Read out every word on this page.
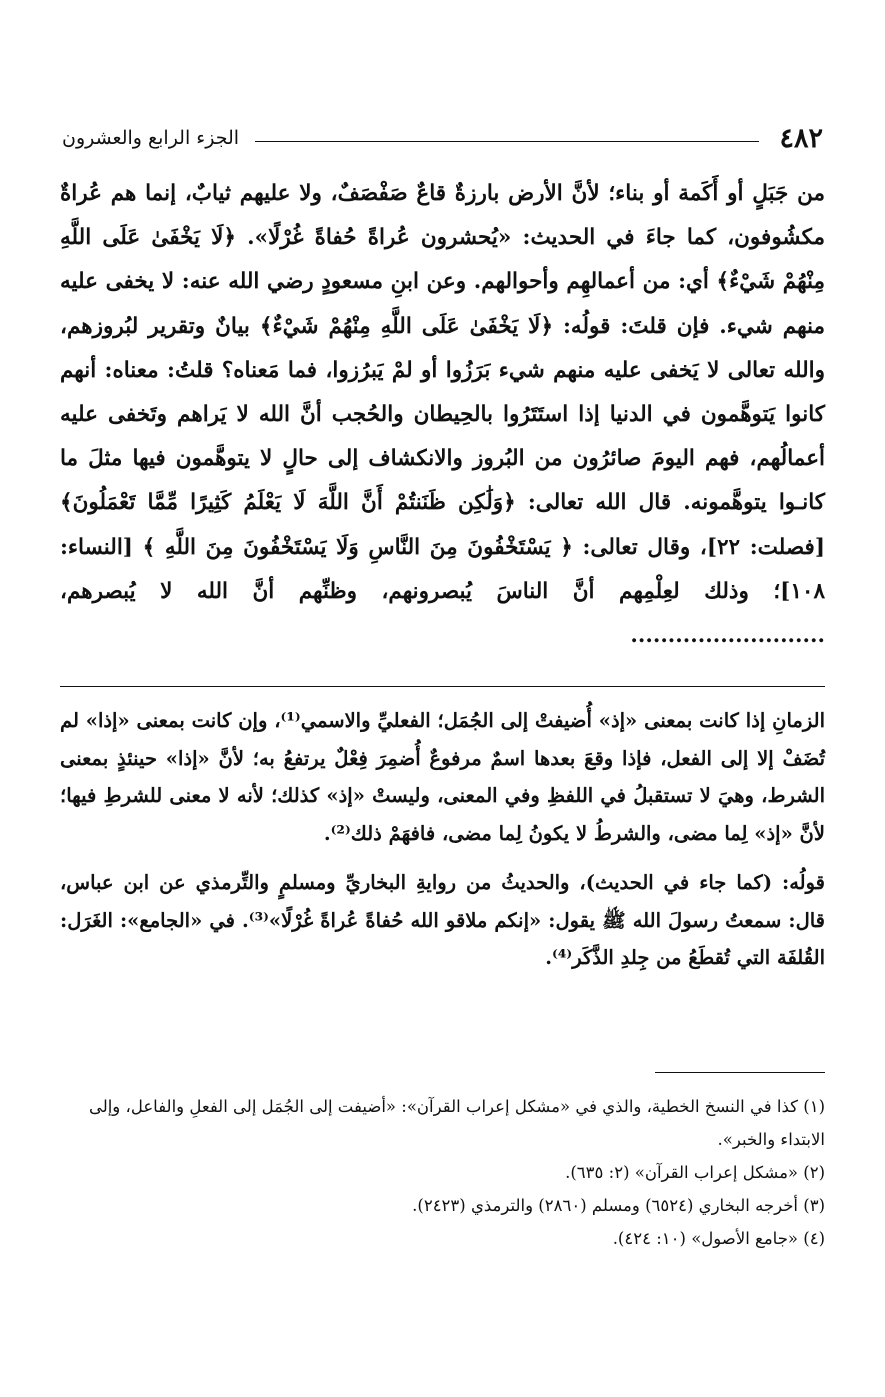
٤٨٢
الجزء الرابع والعشرون

من جَبَلٍ أو أَكَمة أو بناء؛ لأنَّ الأرض بارزةٌ قاعٌ صَفْصَفٌ، ولا عليهم ثيابٌ، إنما هم عُراةٌ مكشُوفون، كما جاءَ في الحديث: «يُحشرون عُراةً حُفاةً غُرْلًا». ﴿لَا يَخْفَىٰ عَلَى اللَّهِ مِنْهُمْ شَيْءٌ﴾ أي: من أعمالهِم وأحوالهم. وعن ابنِ مسعودٍ رضي الله عنه: لا يخفى عليه منهم شيء. فإن قلتَ: قولُه: ﴿لَا يَخْفَىٰ عَلَى اللَّهِ مِنْهُمْ شَيْءٌ﴾ بيانٌ وتقرير لبُروزهم، والله تعالى لا يَخفى عليه منهم شيء بَرَزُوا أو لمْ يَبرُزوا، فما مَعناه؟ قلتُ: معناه: أنهم كانوا يَتوهَّمون في الدنيا إذا استَتَرُوا بالحِيطان والحُجب أنَّ الله لا يَراهم وتَخفى عليه أعمالُهم، فهم اليومَ صائرُون من البُروز والانكشاف إلى حالٍ لا يتوهَّمون فيها مثلَ ما كانـوا يتوهَّمونه. قال الله تعالى: ﴿وَلَٰكِن ظَنَنتُمْ أَنَّ اللَّهَ لَا يَعْلَمُ كَثِيرًا مِّمَّا تَعْمَلُونَ﴾ [فصلت: ٢٢]، وقال تعالى: ﴿ يَسْتَخْفُونَ مِنَ النَّاسِ وَلَا يَسْتَخْفُونَ مِنَ اللَّهِ ﴾ [النساء: ١٠٨]؛ وذلك لعِلْمِهم أنَّ الناسَ يُبصرونهم، وظنِّهم أنَّ الله لا يُبصرهم، ..........................

الزمانِ إذا كانت بمعنى «إذ» أُضيفتْ إلى الجُمَل؛ الفعليِّ والاسمي⁽¹⁾، وإن كانت بمعنى «إذا» لم تُضَفْ إلا إلى الفعل، فإذا وقعَ بعدها اسمٌ مرفوعٌ أُضمِرَ فِعْلٌ يرتفعُ به؛ لأنَّ «إذا» حينئذٍ بمعنى الشرط، وهيَ لا تستقبلُ في اللفظِ وفي المعنى، وليستْ «إذ» كذلك؛ لأنه لا معنى للشرطِ فيها؛ لأنَّ «إذ» لِما مضى، والشرطُ لا يكونُ لِما مضى، فافهَمْ ذلك⁽²⁾.

قولُه: (كما جاء في الحديث)، والحديثُ من روايةِ البخاريِّ ومسلمٍ والتِّرمذي عن ابن عباس، قال: سمعتُ رسولَ الله ﷺ يقول: «إنكم ملاقو الله حُفاةً عُراةً غُرْلًا»⁽³⁾. في «الجامع»: الغَرَل: القُلفَة التي تُقطَعُ من جِلدِ الذَّكَر⁽⁴⁾.

(١) كذا في النسخ الخطية، والذي في «مشكل إعراب القرآن»: «أضيفت إلى الجُمَل إلى الفعلِ والفاعل، وإلى الابتداء والخبر».

(٢) «مشكل إعراب القرآن» (٢: ٦٣٥).

(٣) أخرجه البخاري (٦٥٢٤) ومسلم (٢٨٦٠) والترمذي (٢٤٢٣).

(٤) «جامع الأصول» (١٠: ٤٢٤).
